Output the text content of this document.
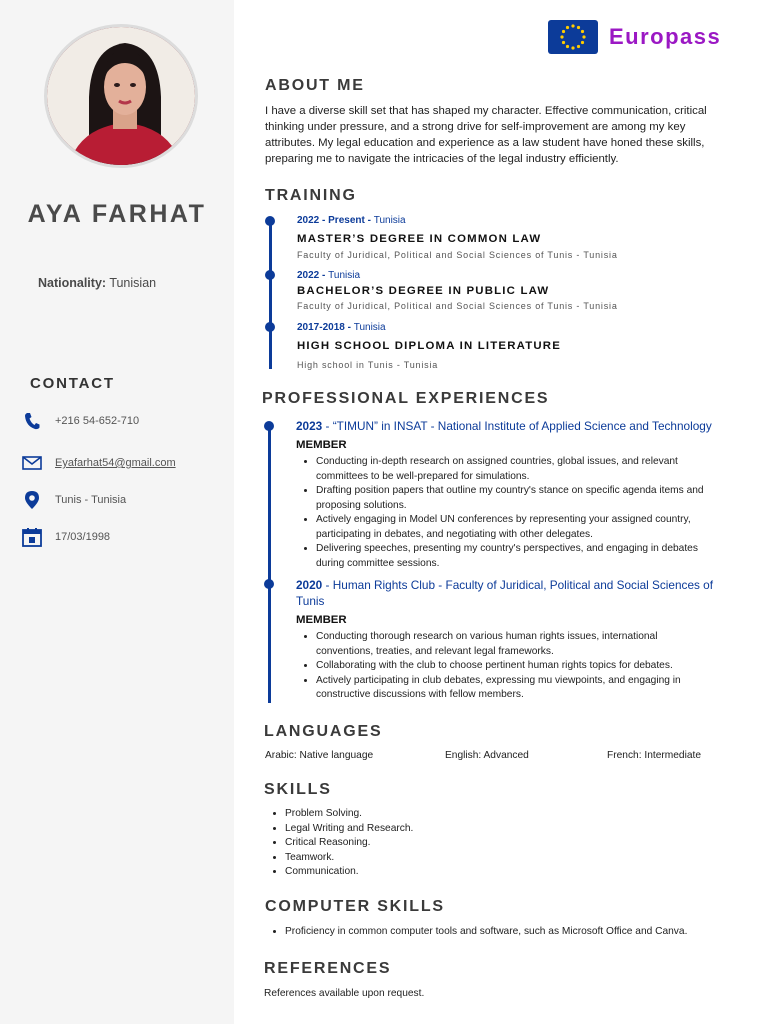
AYA FARHAT
Nationality: Tunisian
CONTACT
+216 54-652-710
Eyafarhat54@gmail.com
Tunis - Tunisia
17/03/1998
Europass
ABOUT ME
I have a diverse skill set that has shaped my character. Effective communication, critical
thinking under pressure, and a strong drive for self-improvement are among my key
attributes. My legal education and experience as a law student have honed these skills,
preparing me to navigate the intricacies of the legal industry efficiently.
TRAINING
2022 - Present - Tunisia
MASTER’S DEGREE IN COMMON LAW
Faculty of Juridical, Political and Social Sciences of Tunis - Tunisia
2022 - Tunisia
BACHELOR’S DEGREE IN PUBLIC LAW
Faculty of Juridical, Political and Social Sciences of Tunis - Tunisia
2017-2018 - Tunisia
HIGH SCHOOL DIPLOMA IN LITERATURE
High school in Tunis - Tunisia
PROFESSIONAL EXPERIENCES
2023 - “TIMUN” in INSAT - National Institute of Applied Science and Technology
MEMBER
• Conducting in-depth research on assigned countries, global issues, and relevant
committees to be well-prepared for simulations.
• Drafting position papers that outline my country's stance on specific agenda items and
proposing solutions.
• Actively engaging in Model UN conferences by representing your assigned country,
participating in debates, and negotiating with other delegates.
• Delivering speeches, presenting my country's perspectives, and engaging in debates
during committee sessions.
2020 - Human Rights Club - Faculty of Juridical, Political and Social Sciences of
Tunis
MEMBER
• Conducting thorough research on various human rights issues, international
conventions, treaties, and relevant legal frameworks.
• Collaborating with the club to choose pertinent human rights topics for debates.
• Actively participating in club debates, expressing mu viewpoints, and engaging in
constructive discussions with fellow members.
LANGUAGES
Arabic: Native language	English: Advanced	French: Intermediate
SKILLS
• Problem Solving.
• Legal Writing and Research.
• Critical Reasoning.
• Teamwork.
• Communication.
COMPUTER SKILLS
• Proficiency in common computer tools and software, such as Microsoft Office and Canva.
REFERENCES
References available upon request.
